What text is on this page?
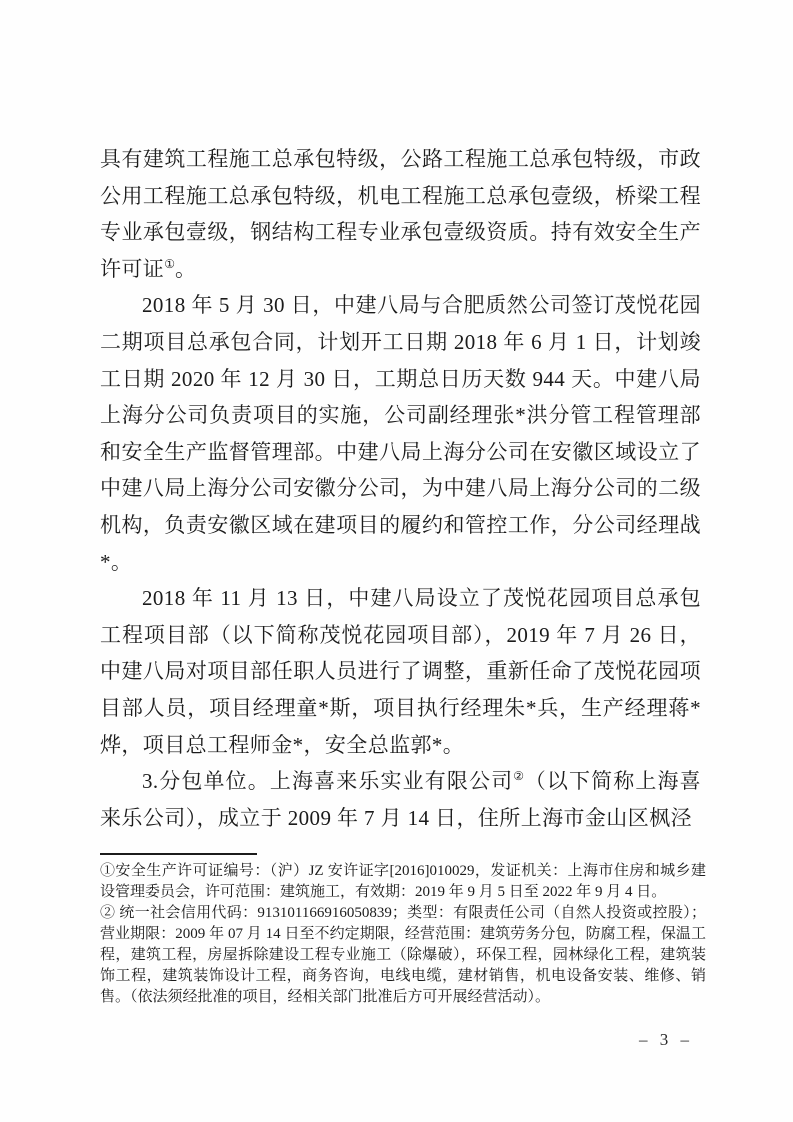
具有建筑工程施工总承包特级，公路工程施工总承包特级，市政公用工程施工总承包特级，机电工程施工总承包壹级，桥梁工程专业承包壹级，钢结构工程专业承包壹级资质。持有效安全生产许可证①。

2018 年 5 月 30 日，中建八局与合肥质然公司签订茂悦花园二期项目总承包合同，计划开工日期 2018 年 6 月 1 日，计划竣工日期 2020 年 12 月 30 日，工期总日历天数 944 天。中建八局上海分公司负责项目的实施，公司副经理张*洪分管工程管理部和安全生产监督管理部。中建八局上海分公司在安徽区域设立了中建八局上海分公司安徽分公司，为中建八局上海分公司的二级机构，负责安徽区域在建项目的履约和管控工作，分公司经理战*。

2018 年 11 月 13 日，中建八局设立了茂悦花园项目总承包工程项目部（以下简称茂悦花园项目部），2019 年 7 月 26 日，中建八局对项目部任职人员进行了调整，重新任命了茂悦花园项目部人员，项目经理童*斯，项目执行经理朱*兵，生产经理蒋*烨，项目总工程师金*，安全总监郭*。

3.分包单位。上海喜来乐实业有限公司②（以下简称上海喜来乐公司），成立于 2009 年 7 月 14 日，住所上海市金山区枫泾

①安全生产许可证编号：（沪）JZ 安许证字[2016]010029，发证机关：上海市住房和城乡建设管理委员会，许可范围：建筑施工，有效期：2019 年 9 月 5 日至 2022 年 9 月 4 日。

② 统一社会信用代码：913101166916050839；类型：有限责任公司（自然人投资或控股）；营业期限：2009 年 07 月 14 日至不约定期限，经营范围：建筑劳务分包，防腐工程，保温工程，建筑工程，房屋拆除建设工程专业施工（除爆破），环保工程，园林绿化工程，建筑装饰工程，建筑装饰设计工程，商务咨询，电线电缆，建材销售，机电设备安装、维修、销售。（依法须经批准的项目，经相关部门批准后方可开展经营活动）。

– 3 –
